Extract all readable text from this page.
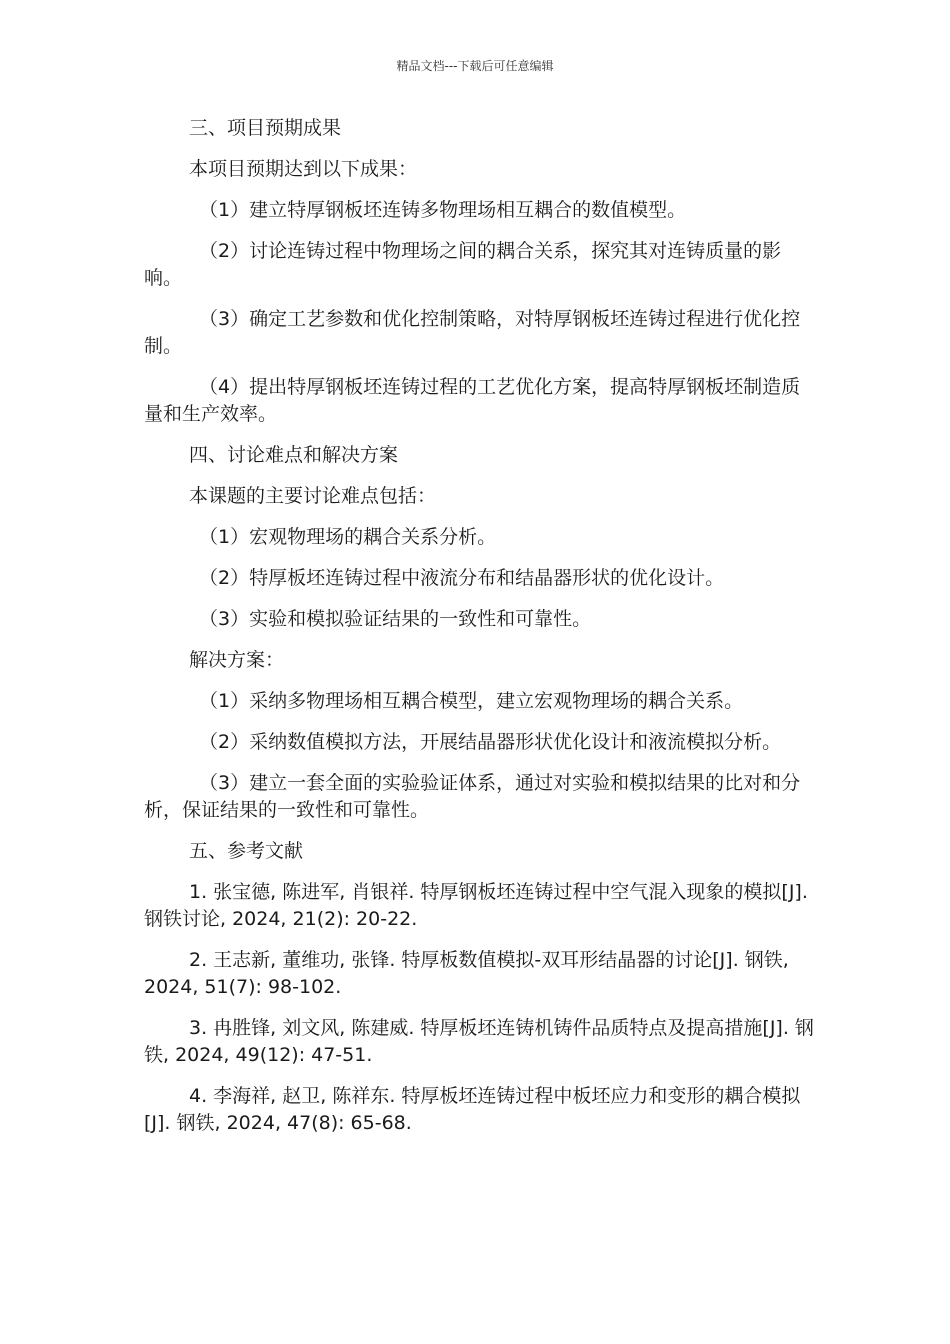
精品文档---下载后可任意编辑

三、项目预期成果

本项目预期达到以下成果：

（1）建立特厚钢板坯连铸多物理场相互耦合的数值模型。

（2）讨论连铸过程中物理场之间的耦合关系，探究其对连铸质量的影响。

（3）确定工艺参数和优化控制策略，对特厚钢板坯连铸过程进行优化控制。

（4）提出特厚钢板坯连铸过程的工艺优化方案，提高特厚钢板坯制造质量和生产效率。

四、讨论难点和解决方案

本课题的主要讨论难点包括：

（1）宏观物理场的耦合关系分析。

（2）特厚板坯连铸过程中液流分布和结晶器形状的优化设计。

（3）实验和模拟验证结果的一致性和可靠性。

解决方案：

（1）采纳多物理场相互耦合模型，建立宏观物理场的耦合关系。

（2）采纳数值模拟方法，开展结晶器形状优化设计和液流模拟分析。

（3）建立一套全面的实验验证体系，通过对实验和模拟结果的比对和分析，保证结果的一致性和可靠性。

五、参考文献

1. 张宝德, 陈进军, 肖银祥. 特厚钢板坯连铸过程中空气混入现象的模拟[J]. 钢铁讨论, 2024, 21(2): 20-22.

2. 王志新, 董维功, 张锋. 特厚板数值模拟-双耳形结晶器的讨论[J]. 钢铁, 2024, 51(7): 98-102.

3. 冉胜锋, 刘文风, 陈建威. 特厚板坯连铸机铸件品质特点及提高措施[J]. 钢铁, 2024, 49(12): 47-51.

4. 李海祥, 赵卫, 陈祥东. 特厚板坯连铸过程中板坯应力和变形的耦合模拟[J]. 钢铁, 2024, 47(8): 65-68.
